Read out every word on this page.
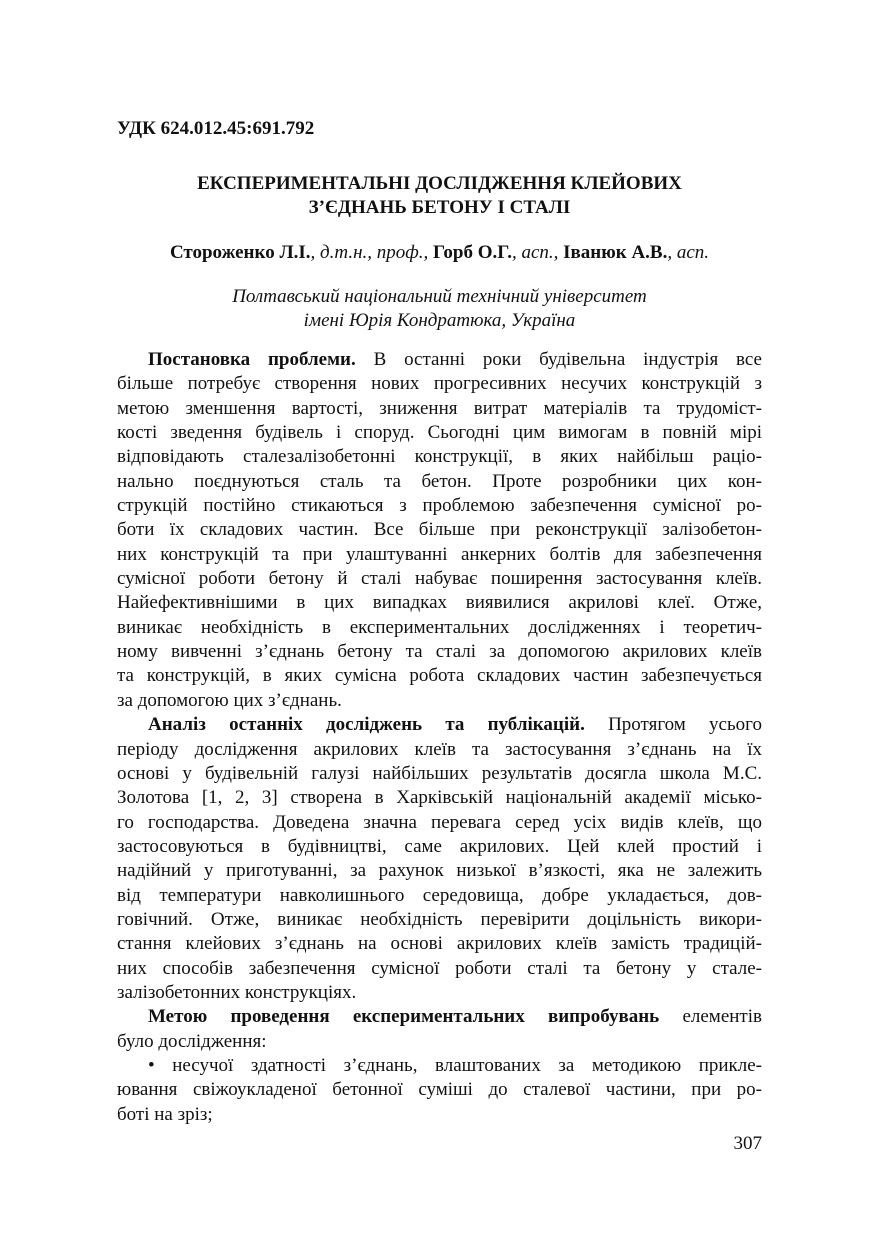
УДК 624.012.45:691.792
ЕКСПЕРИМЕНТАЛЬНІ ДОСЛІДЖЕННЯ КЛЕЙОВИХ
З’ЄДНАНЬ БЕТОНУ І СТАЛІ
Стороженко Л.І., д.т.н., проф., Горб О.Г., асп., Іванюк А.В., асп.
Полтавський національний технічний університет
імені Юрія Кондратюка, Україна
Постановка проблеми. В останні роки будівельна індустрія все
більше потребує створення нових прогресивних несучих конструкцій з
метою зменшення вартості, зниження витрат матеріалів та трудоміст-
кості зведення будівель і споруд. Сьогодні цим вимогам в повній мірі
відповідають сталезалізобетонні конструкції, в яких найбільш раціо-
нально поєднуються сталь та бетон. Проте розробники цих кон-
струкцій постійно стикаються з проблемою забезпечення сумісної ро-
боти їх складових частин. Все більше при реконструкції залізобетон-
них конструкцій та при улаштуванні анкерних болтів для забезпечення
сумісної роботи бетону й сталі набуває поширення застосування клеїв.
Найефективнішими в цих випадках виявилися акрилові клеї. Отже,
виникає необхідність в експериментальних дослідженнях і теоретич-
ному вивченні з’єднань бетону та сталі за допомогою акрилових клеїв
та конструкцій, в яких сумісна робота складових частин забезпечується
за допомогою цих з’єднань.
Аналіз останніх досліджень та публікацій. Протягом усього
періоду дослідження акрилових клеїв та застосування з’єднань на їх
основі у будівельній галузі найбільших результатів досягла школа М.С.
Золотова [1, 2, 3] створена в Харківській національній академії місько-
го господарства. Доведена значна перевага серед усіх видів клеїв, що
застосовуються в будівництві, саме акрилових. Цей клей простий і
надійний у приготуванні, за рахунок низької в’язкості, яка не залежить
від температури навколишнього середовища, добре укладається, дов-
говічний. Отже, виникає необхідність перевірити доцільність викори-
стання клейових з’єднань на основі акрилових клеїв замість традицій-
них способів забезпечення сумісної роботи сталі та бетону у сталe-
залізобетонних конструкціях.
Метою проведення експериментальних випробувань елементів
було дослідження:
• несучої здатності з’єднань, влаштованих за методикою прикле-
ювання свіжоукладеної бетонної суміші до сталевої частини, при ро-
боті на зріз;
307
